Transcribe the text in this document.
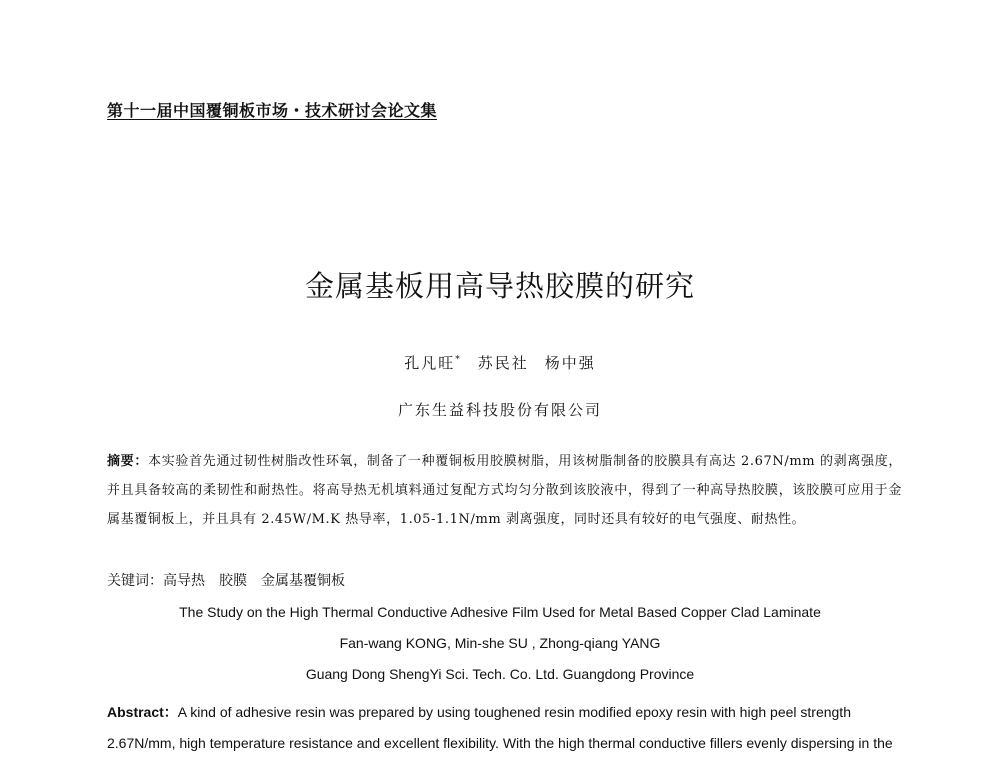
第十一届中国覆铜板市场・技术研讨会论文集
金属基板用高导热胶膜的研究
孔凡旺* 苏民社 杨中强
广东生益科技股份有限公司
摘要：本实验首先通过韧性树脂改性环氧，制备了一种覆铜板用胶膜树脂，用该树脂制备的胶膜具有高达 2.67N/mm 的剥离强度，并且具备较高的柔韧性和耐热性。将高导热无机填料通过复配方式均匀分散到该胶液中，得到了一种高导热胶膜，该胶膜可应用于金属基覆铜板上，并且具有 2.45W/M.K 热导率，1.05-1.1N/mm 剥离强度，同时还具有较好的电气强度、耐热性。
关键词：高导热 胶膜 金属基覆铜板
The Study on the High Thermal Conductive Adhesive Film Used for Metal Based Copper Clad Laminate
Fan-wang KONG, Min-she SU , Zhong-qiang YANG
Guang Dong ShengYi Sci. Tech. Co. Ltd. Guangdong Province
Abstract：A kind of adhesive resin was prepared by using toughened resin modified epoxy resin with high peel strength 2.67N/mm, high temperature resistance and excellent flexibility. With the high thermal conductive fillers evenly dispersing in the
